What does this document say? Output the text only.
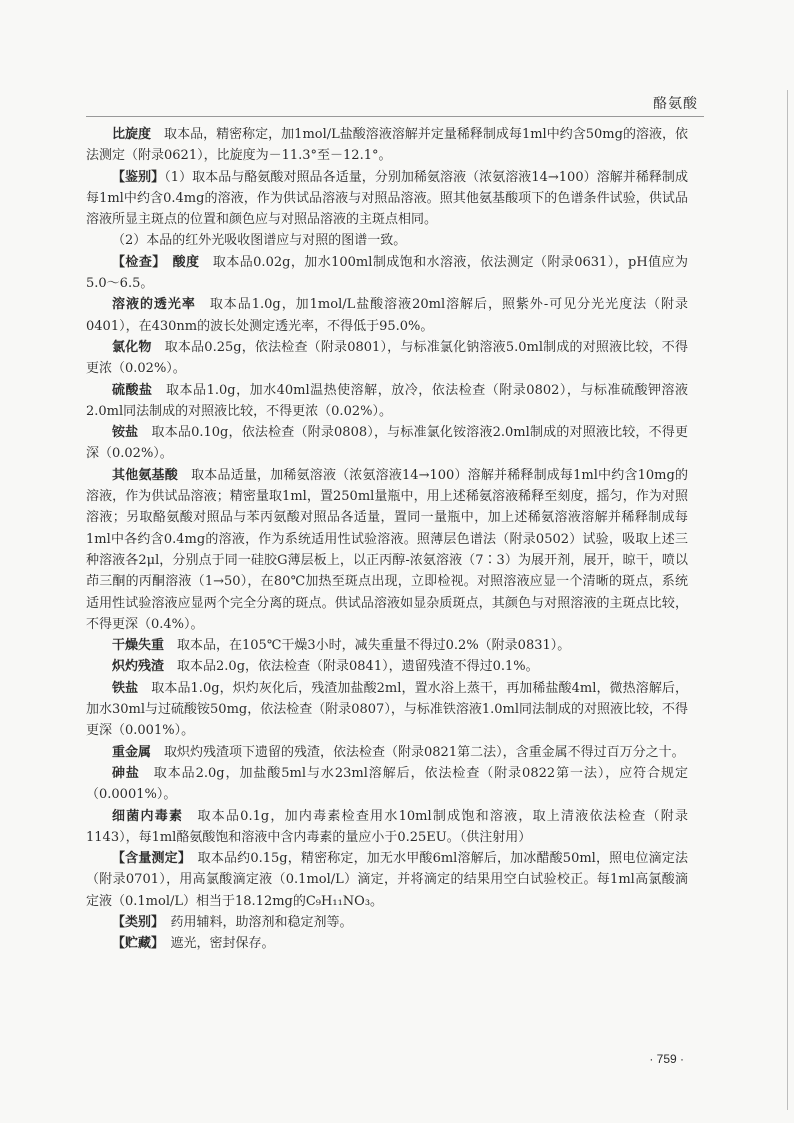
酪氨酸

比旋度　取本品，精密称定，加1mol/L盐酸溶液溶解并定量稀释制成每1ml中约含50mg的溶液，依法测定（附录0621），比旋度为－11.3°至－12.1°。

【鉴别】（1）取本品与酪氨酸对照品各适量，分别加稀氨溶液（浓氨溶液14→100）溶解并稀释制成每1ml中约含0.4mg的溶液，作为供试品溶液与对照品溶液。照其他氨基酸项下的色谱条件试验，供试品溶液所显主斑点的位置和颜色应与对照品溶液的主斑点相同。

（2）本品的红外光吸收图谱应与对照的图谱一致。

【检查】　酸度　取本品0.02g，加水100ml制成饱和水溶液，依法测定（附录0631），pH值应为5.0～6.5。

溶液的透光率　取本品1.0g，加1mol/L盐酸溶液20ml溶解后，照紫外-可见分光光度法（附录0401），在430nm的波长处测定透光率，不得低于95.0%。

氯化物　取本品0.25g，依法检查（附录0801），与标准氯化钠溶液5.0ml制成的对照液比较，不得更浓（0.02%）。

硫酸盐　取本品1.0g，加水40ml温热使溶解，放冷，依法检查（附录0802），与标准硫酸钾溶液2.0ml同法制成的对照液比较，不得更浓（0.02%）。

铵盐　取本品0.10g，依法检查（附录0808），与标准氯化铵溶液2.0ml制成的对照液比较，不得更深（0.02%）。

其他氨基酸　取本品适量，加稀氨溶液（浓氨溶液14→100）溶解并稀释制成每1ml中约含10mg的溶液，作为供试品溶液；精密量取1ml，置250ml量瓶中，用上述稀氨溶液稀释至刻度，摇匀，作为对照溶液；另取酪氨酸对照品与苯丙氨酸对照品各适量，置同一量瓶中，加上述稀氨溶液溶解并稀释制成每1ml中各约含0.4mg的溶液，作为系统适用性试验溶液。照薄层色谱法（附录0502）试验，吸取上述三种溶液各2μl，分别点于同一硅胶G薄层板上，以正丙醇-浓氨溶液（7∶3）为展开剂，展开，晾干，喷以茚三酮的丙酮溶液（1→50），在80℃加热至斑点出现，立即检视。对照溶液应显一个清晰的斑点，系统适用性试验溶液应显两个完全分离的斑点。供试品溶液如显杂质斑点，其颜色与对照溶液的主斑点比较，不得更深（0.4%）。

干燥失重　取本品，在105℃干燥3小时，减失重量不得过0.2%（附录0831）。

炽灼残渣　取本品2.0g，依法检查（附录0841），遗留残渣不得过0.1%。

铁盐　取本品1.0g，炽灼灰化后，残渣加盐酸2ml，置水浴上蒸干，再加稀盐酸4ml，微热溶解后，加水30ml与过硫酸铵50mg，依法检查（附录0807），与标准铁溶液1.0ml同法制成的对照液比较，不得更深（0.001%）。

重金属　取炽灼残渣项下遗留的残渣，依法检查（附录0821第二法），含重金属不得过百万分之十。

砷盐　取本品2.0g，加盐酸5ml与水23ml溶解后，依法检查（附录0822第一法），应符合规定（0.0001%）。

细菌内毒素　取本品0.1g，加内毒素检查用水10ml制成饱和溶液，取上清液依法检查（附录1143），每1ml酪氨酸饱和溶液中含内毒素的量应小于0.25EU。（供注射用）

【含量测定】　取本品约0.15g，精密称定，加无水甲酸6ml溶解后，加冰醋酸50ml，照电位滴定法（附录0701），用高氯酸滴定液（0.1mol/L）滴定，并将滴定的结果用空白试验校正。每1ml高氯酸滴定液（0.1mol/L）相当于18.12mg的C₉H₁₁NO₃。

【类别】　药用辅料，助溶剂和稳定剂等。

【贮藏】　遮光，密封保存。

· 759 ·
